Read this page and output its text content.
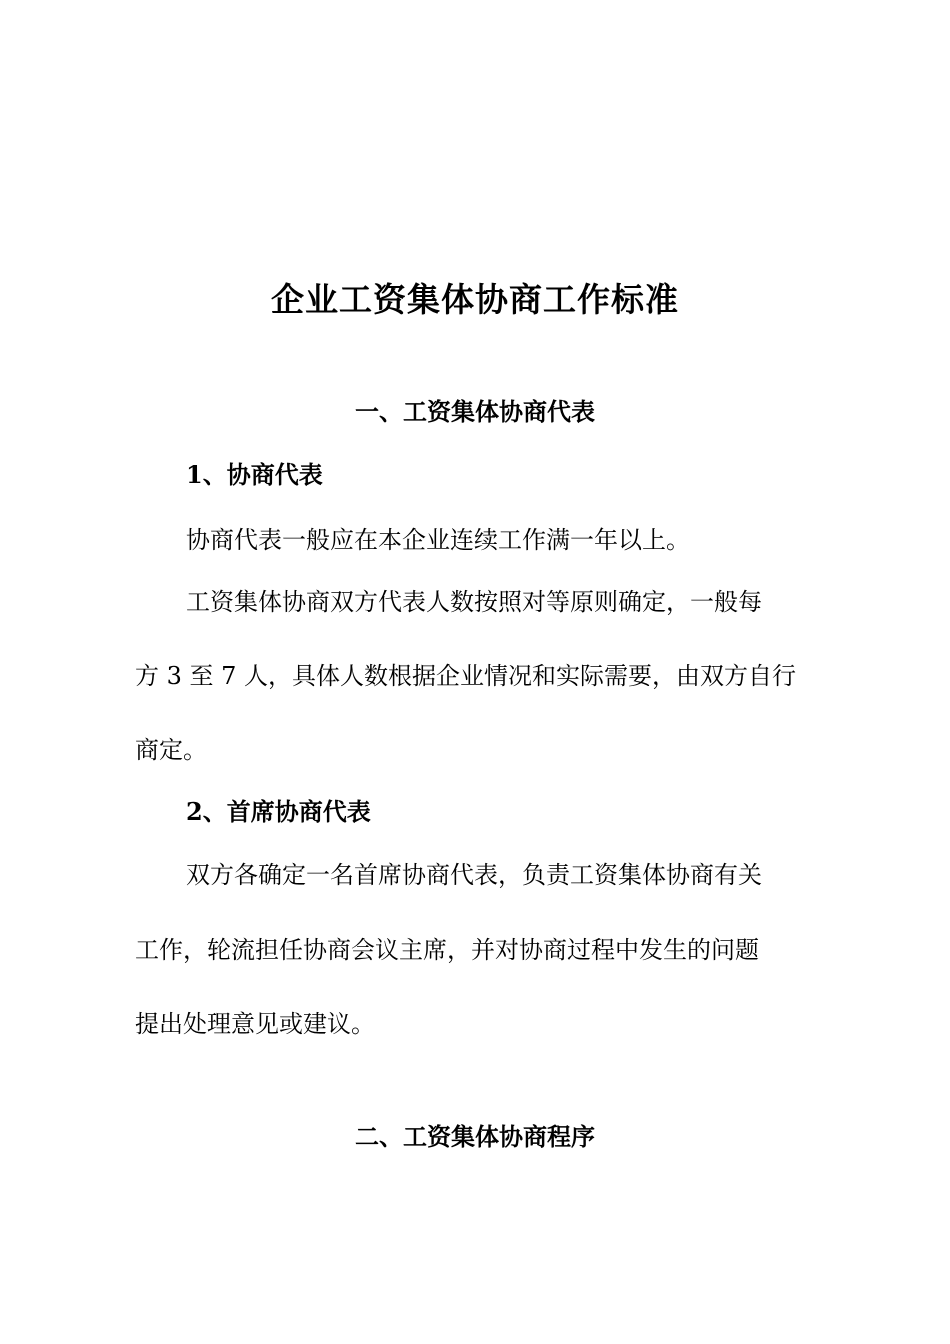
企业工资集体协商工作标准
一、工资集体协商代表
1、协商代表

协商代表一般应在本企业连续工作满一年以上。

工资集体协商双方代表人数按照对等原则确定，一般每

方 3 至 7 人，具体人数根据企业情况和实际需要，由双方自行

商定。

2、首席协商代表

双方各确定一名首席协商代表，负责工资集体协商有关

工作，轮流担任协商会议主席，并对协商过程中发生的问题

提出处理意见或建议。

二、工资集体协商程序
